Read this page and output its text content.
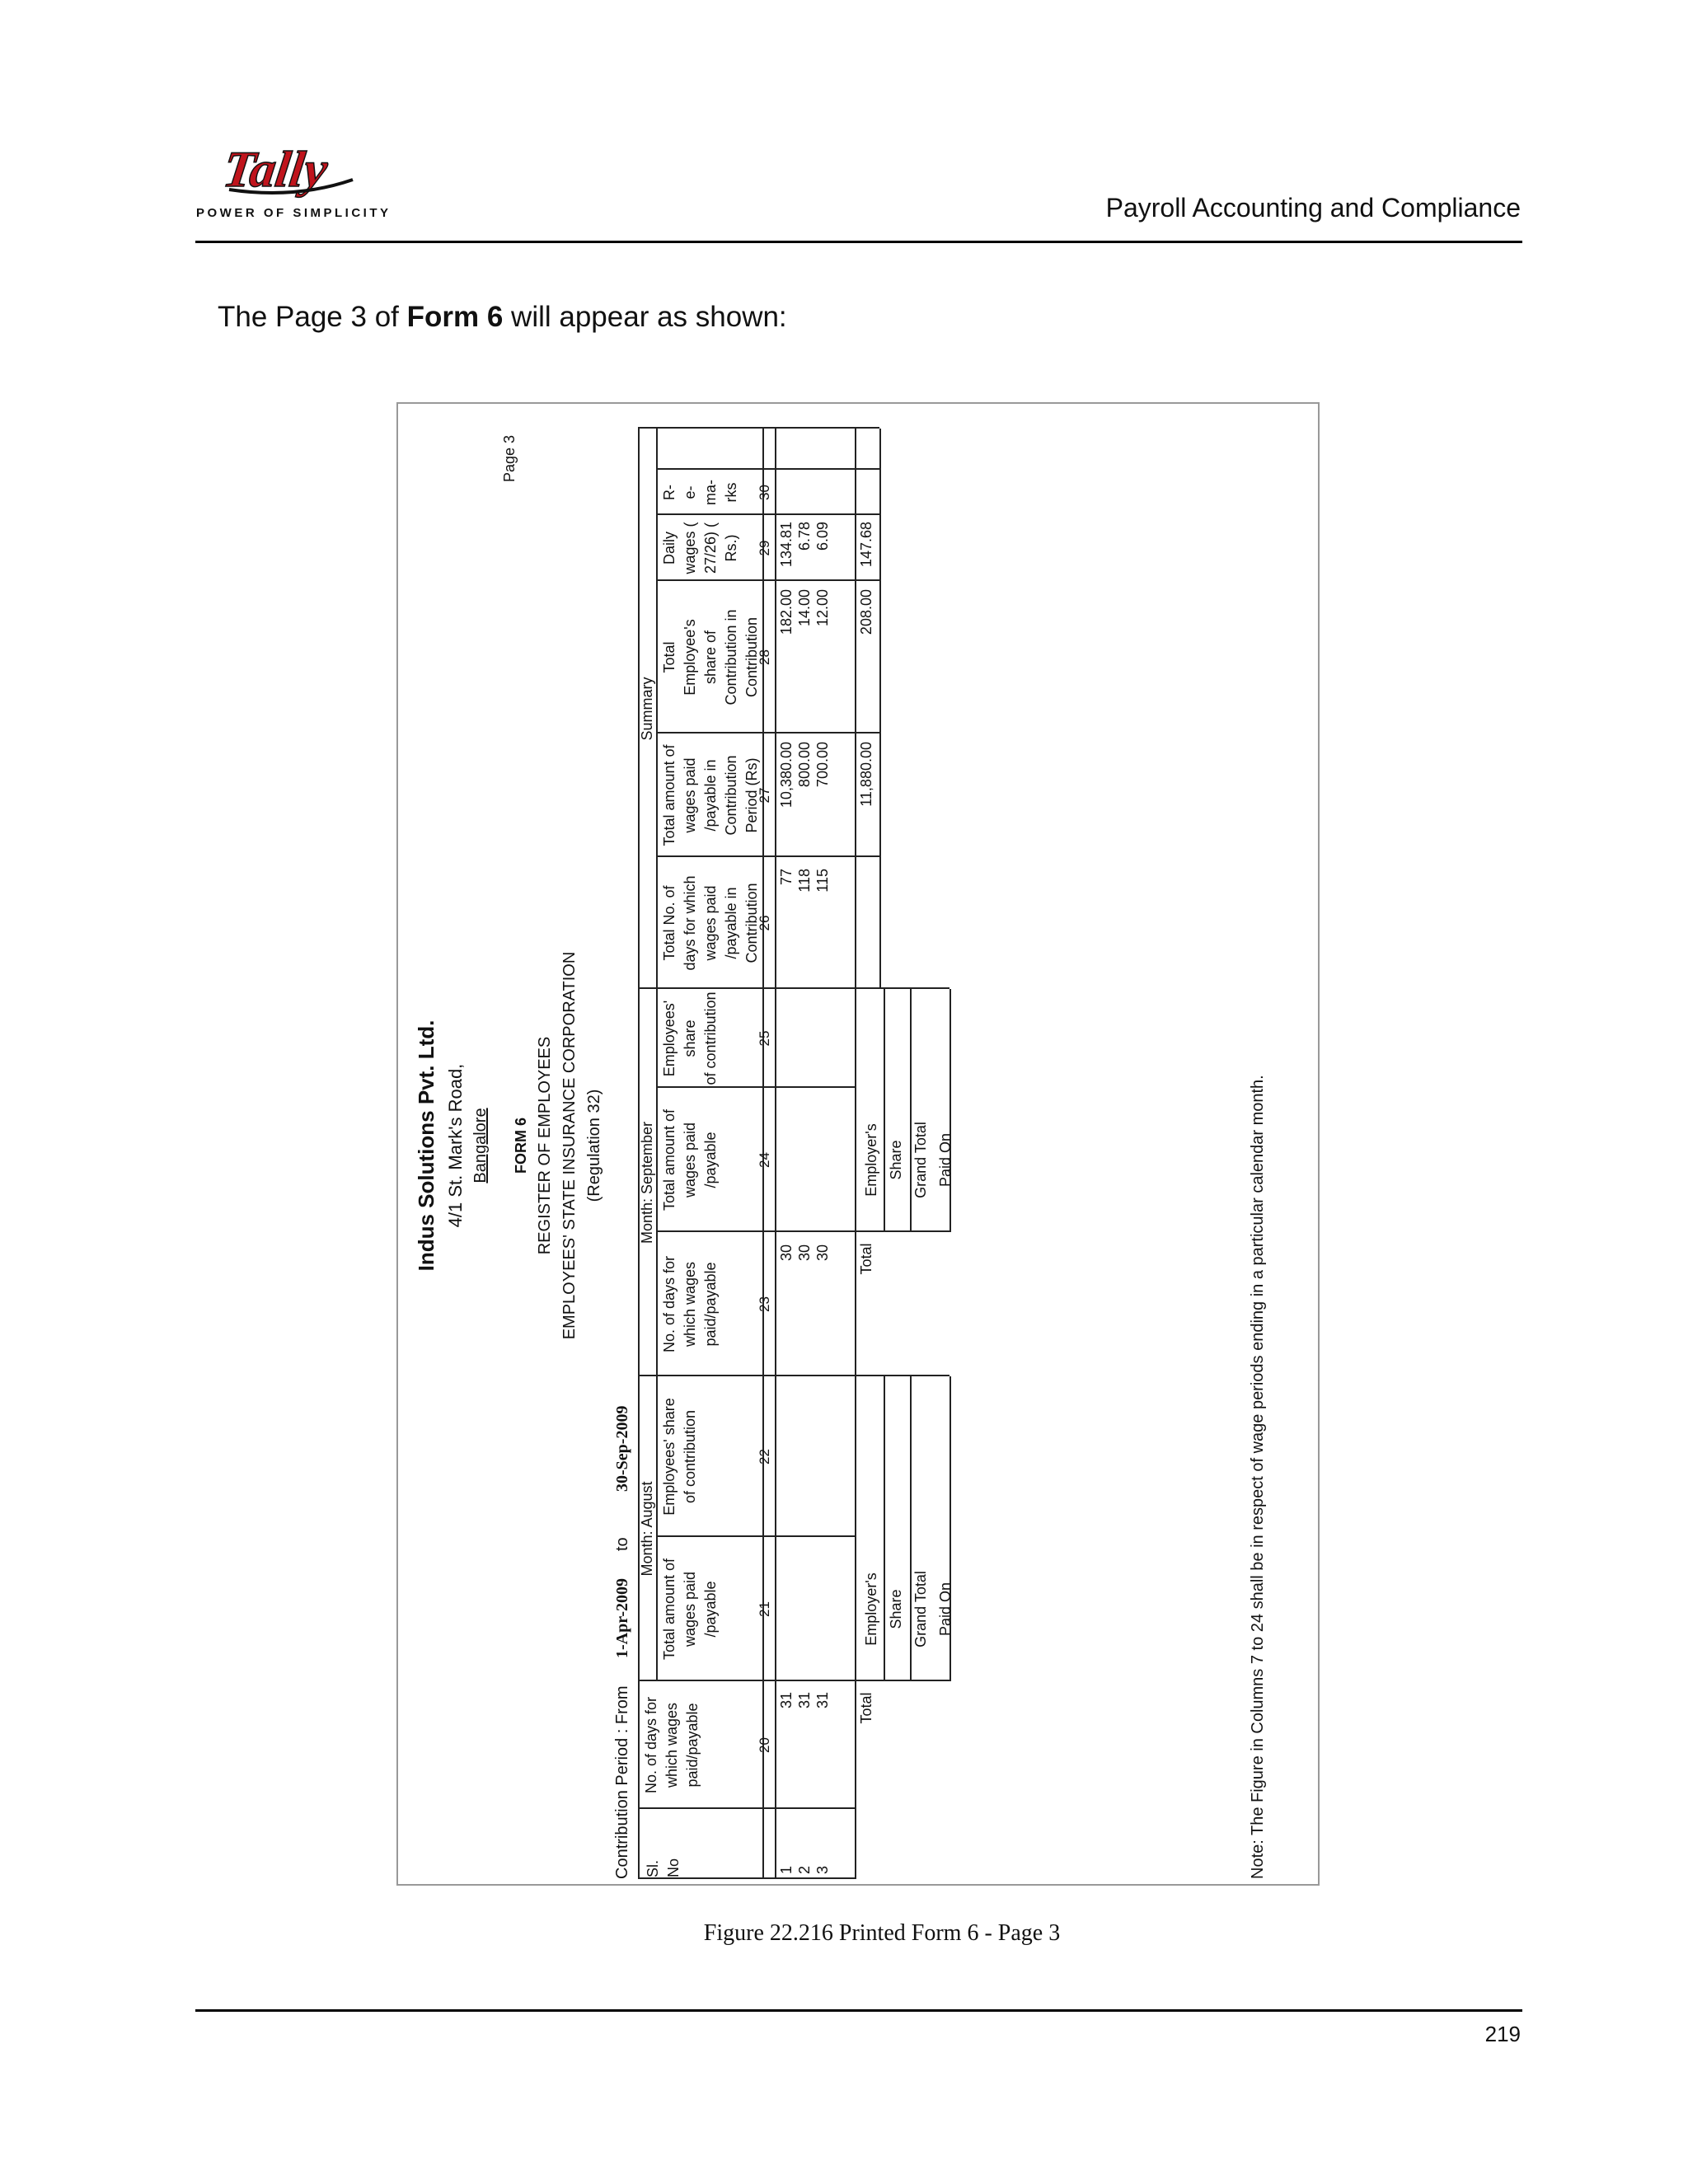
Tally
POWER OF SIMPLICITY	Payroll Accounting and Compliance
The Page 3 of Form 6 will appear as shown:
Page 3
Indus Solutions Pvt. Ltd. 4/1 St. Mark's Road, Bangalore FORM 6 REGISTER OF EMPLOYEES EMPLOYEES' STATE INSURANCE CORPORATION (Regulation 32)
Contribution Period : From
1-Apr-2009
to
30-Sep-2009
Month: August
Month: September
Summary
Sl. No
No. of days for which wages paid/payable
Total amount of wages paid /payable
Employees' share of contribution
No. of days for which wages paid/payable
Total amount of wages paid /payable
Employees' share of contribution
Total No. of days for which wages paid /payable in Contribution
Total amount of wages paid /payable in Contribution Period (Rs)
Total Employee's share of Contribution in Contribution
Daily wages ( 27/26) ( Rs.)
R- e- ma- rks
20
21
22
23
24
25
26
27
28
29
30
1
31
30
77
10,380.00
182.00
134.81
2
31
30
118
800.00
14.00
6.78
3
31
30
115
700.00
12.00
6.09
Total
Total
11,880.00
208.00
147.68
Employer's Share Grand Total Paid On
Employer's Share Grand Total Paid On	Note: The Figure in Columns 7 to 24 shall be in respect of wage periods ending in a particular calendar month.
Figure 22.216 Printed Form 6 - Page 3
219
